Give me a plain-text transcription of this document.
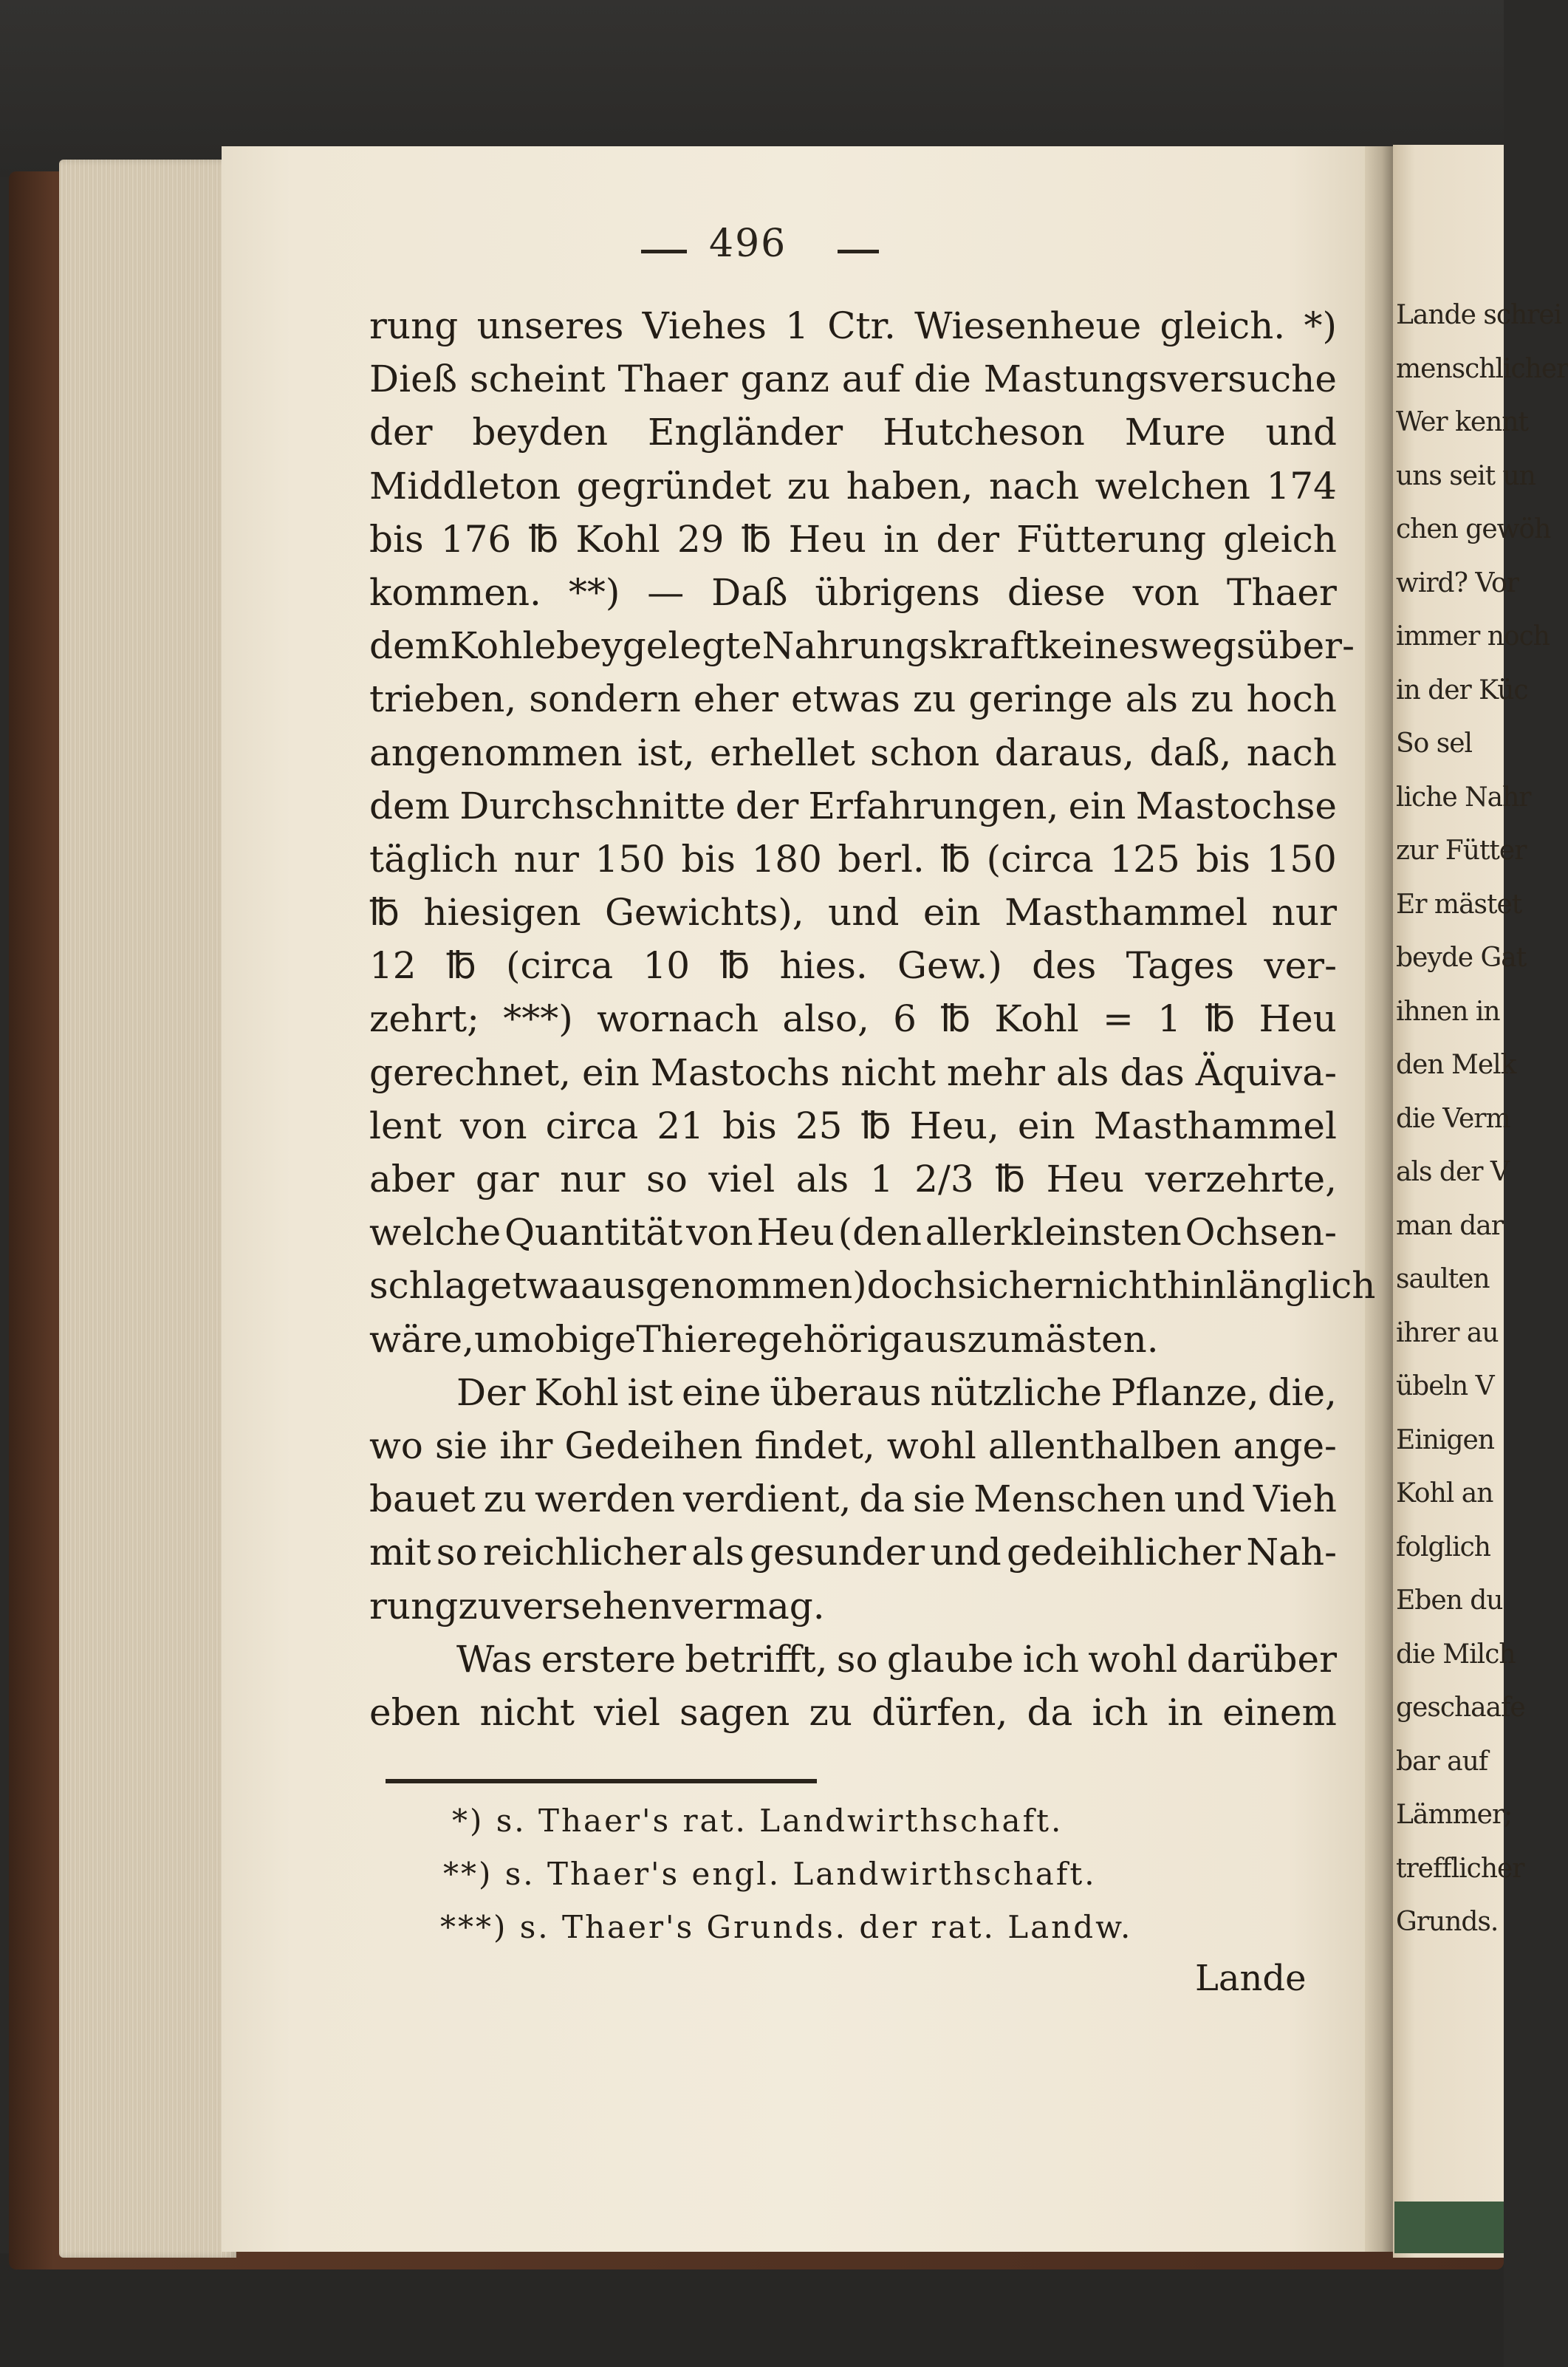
Lande schrei
menschlicher
Wer kennt
uns seit un
chen gewöh
wird? Vor
immer noch
in der Küc
So sel
liche Nahr
zur Fütter
Er mästet
beyde Gat
ihnen in
den Melk
die Verm
als der V
man dar
saulten
ihrer au
übeln V
Einigen
Kohl an
folglich
Eben du
die Milch
geschaafe
bar auf
Lämmer;
trefflicher
Grunds.
496
rung unseres Viehes 1 Ctr. Wiesenheue gleich. *)
Dieß scheint Thaer ganz auf die Mastungsversuche
der beyden Engländer Hutcheson Mure und
Middleton gegründet zu haben, nach welchen 174
bis 176 ℔ Kohl 29 ℔ Heu in der Fütterung gleich
kommen. **) — Daß übrigens diese von Thaer
dem Kohle beygelegte Nahrungskraft keineswegs über-
trieben, sondern eher etwas zu geringe als zu hoch
angenommen ist, erhellet schon daraus, daß, nach
dem Durchschnitte der Erfahrungen, ein Mastochse
täglich nur 150 bis 180 berl. ℔ (circa 125 bis 150
℔ hiesigen Gewichts), und ein Masthammel nur
12 ℔ (circa 10 ℔ hies. Gew.) des Tages ver-
zehrt; ***) wornach also, 6 ℔ Kohl = 1 ℔ Heu
gerechnet, ein Mastochs nicht mehr als das Äquiva-
lent von circa 21 bis 25 ℔ Heu, ein Masthammel
aber gar nur so viel als 1 2/3 ℔ Heu verzehrte,
welche Quantität von Heu (den allerkleinsten Ochsen-
schlag etwa ausgenommen) doch sicher nicht hinlänglich
wäre, um obige Thiere gehörig auszumästen.
Der Kohl ist eine überaus nützliche Pflanze, die,
wo sie ihr Gedeihen findet, wohl allenthalben ange-
bauet zu werden verdient, da sie Menschen und Vieh
mit so reichlicher als gesunder und gedeihlicher Nah-
rung zu versehen vermag.
Was erstere betrifft, so glaube ich wohl darüber
eben nicht viel sagen zu dürfen, da ich in einem
*) s. Thaer's rat. Landwirthschaft.
**) s. Thaer's engl. Landwirthschaft.
***) s. Thaer's Grunds. der rat. Landw.
Lande
